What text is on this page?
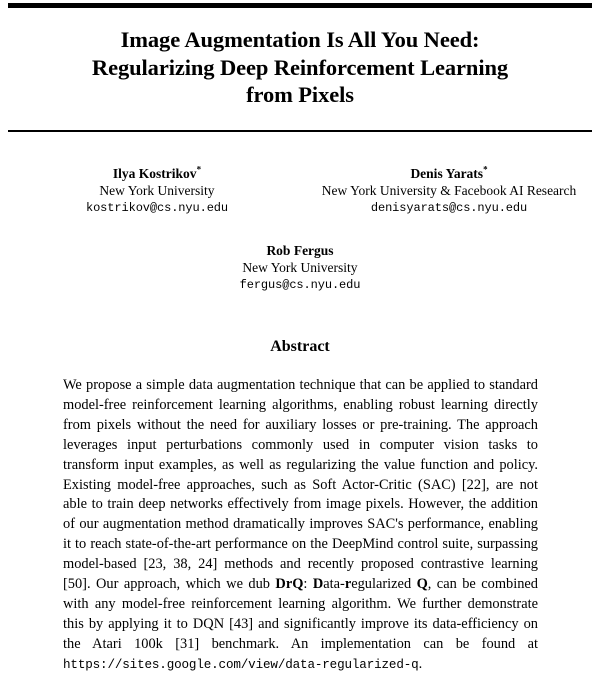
Image Augmentation Is All You Need:
Regularizing Deep Reinforcement Learning
from Pixels
Ilya Kostrikov*
New York University
kostrikov@cs.nyu.edu
Denis Yarats*
New York University & Facebook AI Research
denisyarats@cs.nyu.edu
Rob Fergus
New York University
fergus@cs.nyu.edu
Abstract
We propose a simple data augmentation technique that can be applied to standard model-free reinforcement learning algorithms, enabling robust learning directly from pixels without the need for auxiliary losses or pre-training. The approach leverages input perturbations commonly used in computer vision tasks to transform input examples, as well as regularizing the value function and policy. Existing model-free approaches, such as Soft Actor-Critic (SAC) [22], are not able to train deep networks effectively from image pixels. However, the addition of our augmentation method dramatically improves SAC's performance, enabling it to reach state-of-the-art performance on the DeepMind control suite, surpassing model-based [23, 38, 24] methods and recently proposed contrastive learning [50]. Our approach, which we dub DrQ: Data-regularized Q, can be combined with any model-free reinforcement learning algorithm. We further demonstrate this by applying it to DQN [43] and significantly improve its data-efficiency on the Atari 100k [31] benchmark. An implementation can be found at https://sites.google.com/view/data-regularized-q.
